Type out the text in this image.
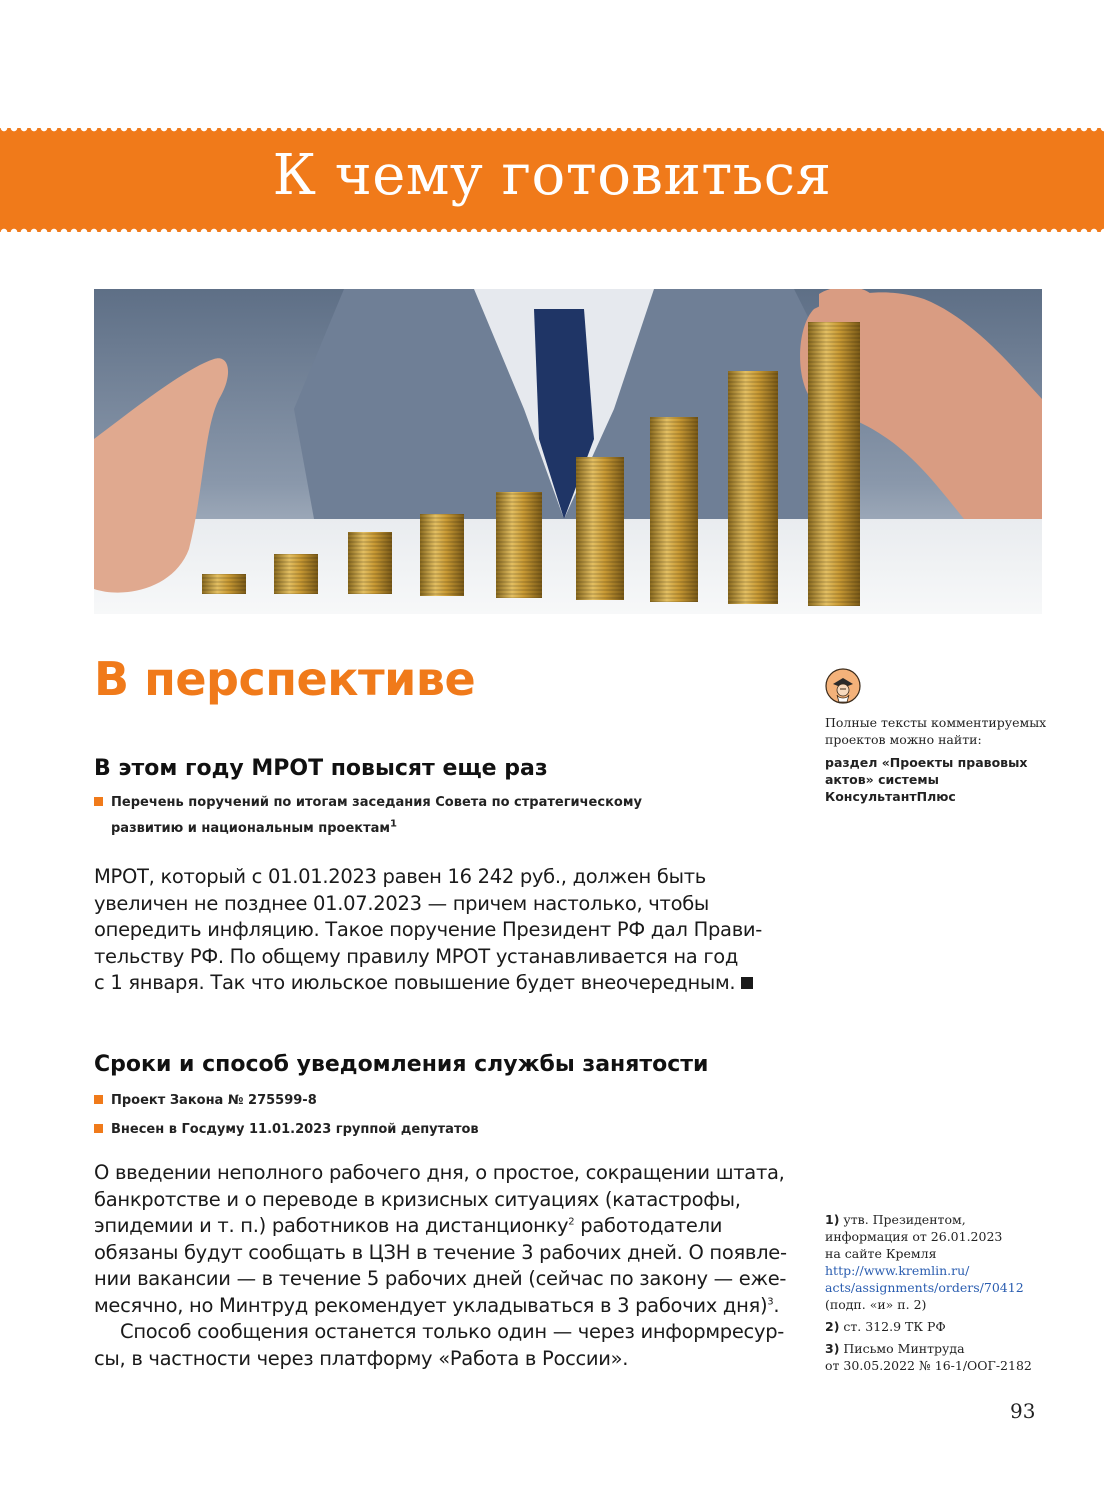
К чему готовиться
В перспективе
В этом году МРОТ повысят еще раз
Перечень поручений по итогам заседания Совета по стратегическому
развитию и национальным проектам$^1$

МРОТ, который с 01.01.2023 равен 16 242 руб., должен быть

увеличен не позднее 01.07.2023 — причем настолько, чтобы

опередить инфляцию. Такое поручение Президент РФ дал Прави-

тельству РФ. По общему правилу МРОТ устанавливается на год

с 1 января. Так что июльское повышение будет внеочередным.

Сроки и способ уведомления службы занятости
Проект Закона № 275599-8
Внесен в Госдуму 11.01.2023 группой депутатов

О введении неполного рабочего дня, о простое, сокращении штата,

банкротстве и о переводе в кризисных ситуациях (катастрофы,

эпидемии и т. п.) работников на дистанционку$^2$ работодатели

обязаны будут сообщать в ЦЗН в течение 3 рабочих дней. О появле-

нии вакансии — в течение 5 рабочих дней (сейчас по закону — еже-

месячно, но Минтруд рекомендует укладываться в 3 рабочих дня)$^3$.

Способ сообщения останется только один — через информресур-

сы, в частности через платформу «Работа в России».

Полные тексты комментируемых
проектов можно найти:
раздел «Проекты правовых
актов» системы
КонсультантПлюс

1) утв. Президентом,
информация от 26.01.2023
на сайте Кремля
http://www.kremlin.ru/
acts/assignments/orders/70412
(подп. «и» п. 2)

2) ст. 312.9 ТК РФ

3) Письмо Минтруда
от 30.05.2022 № 16-1/ООГ-2182

93
